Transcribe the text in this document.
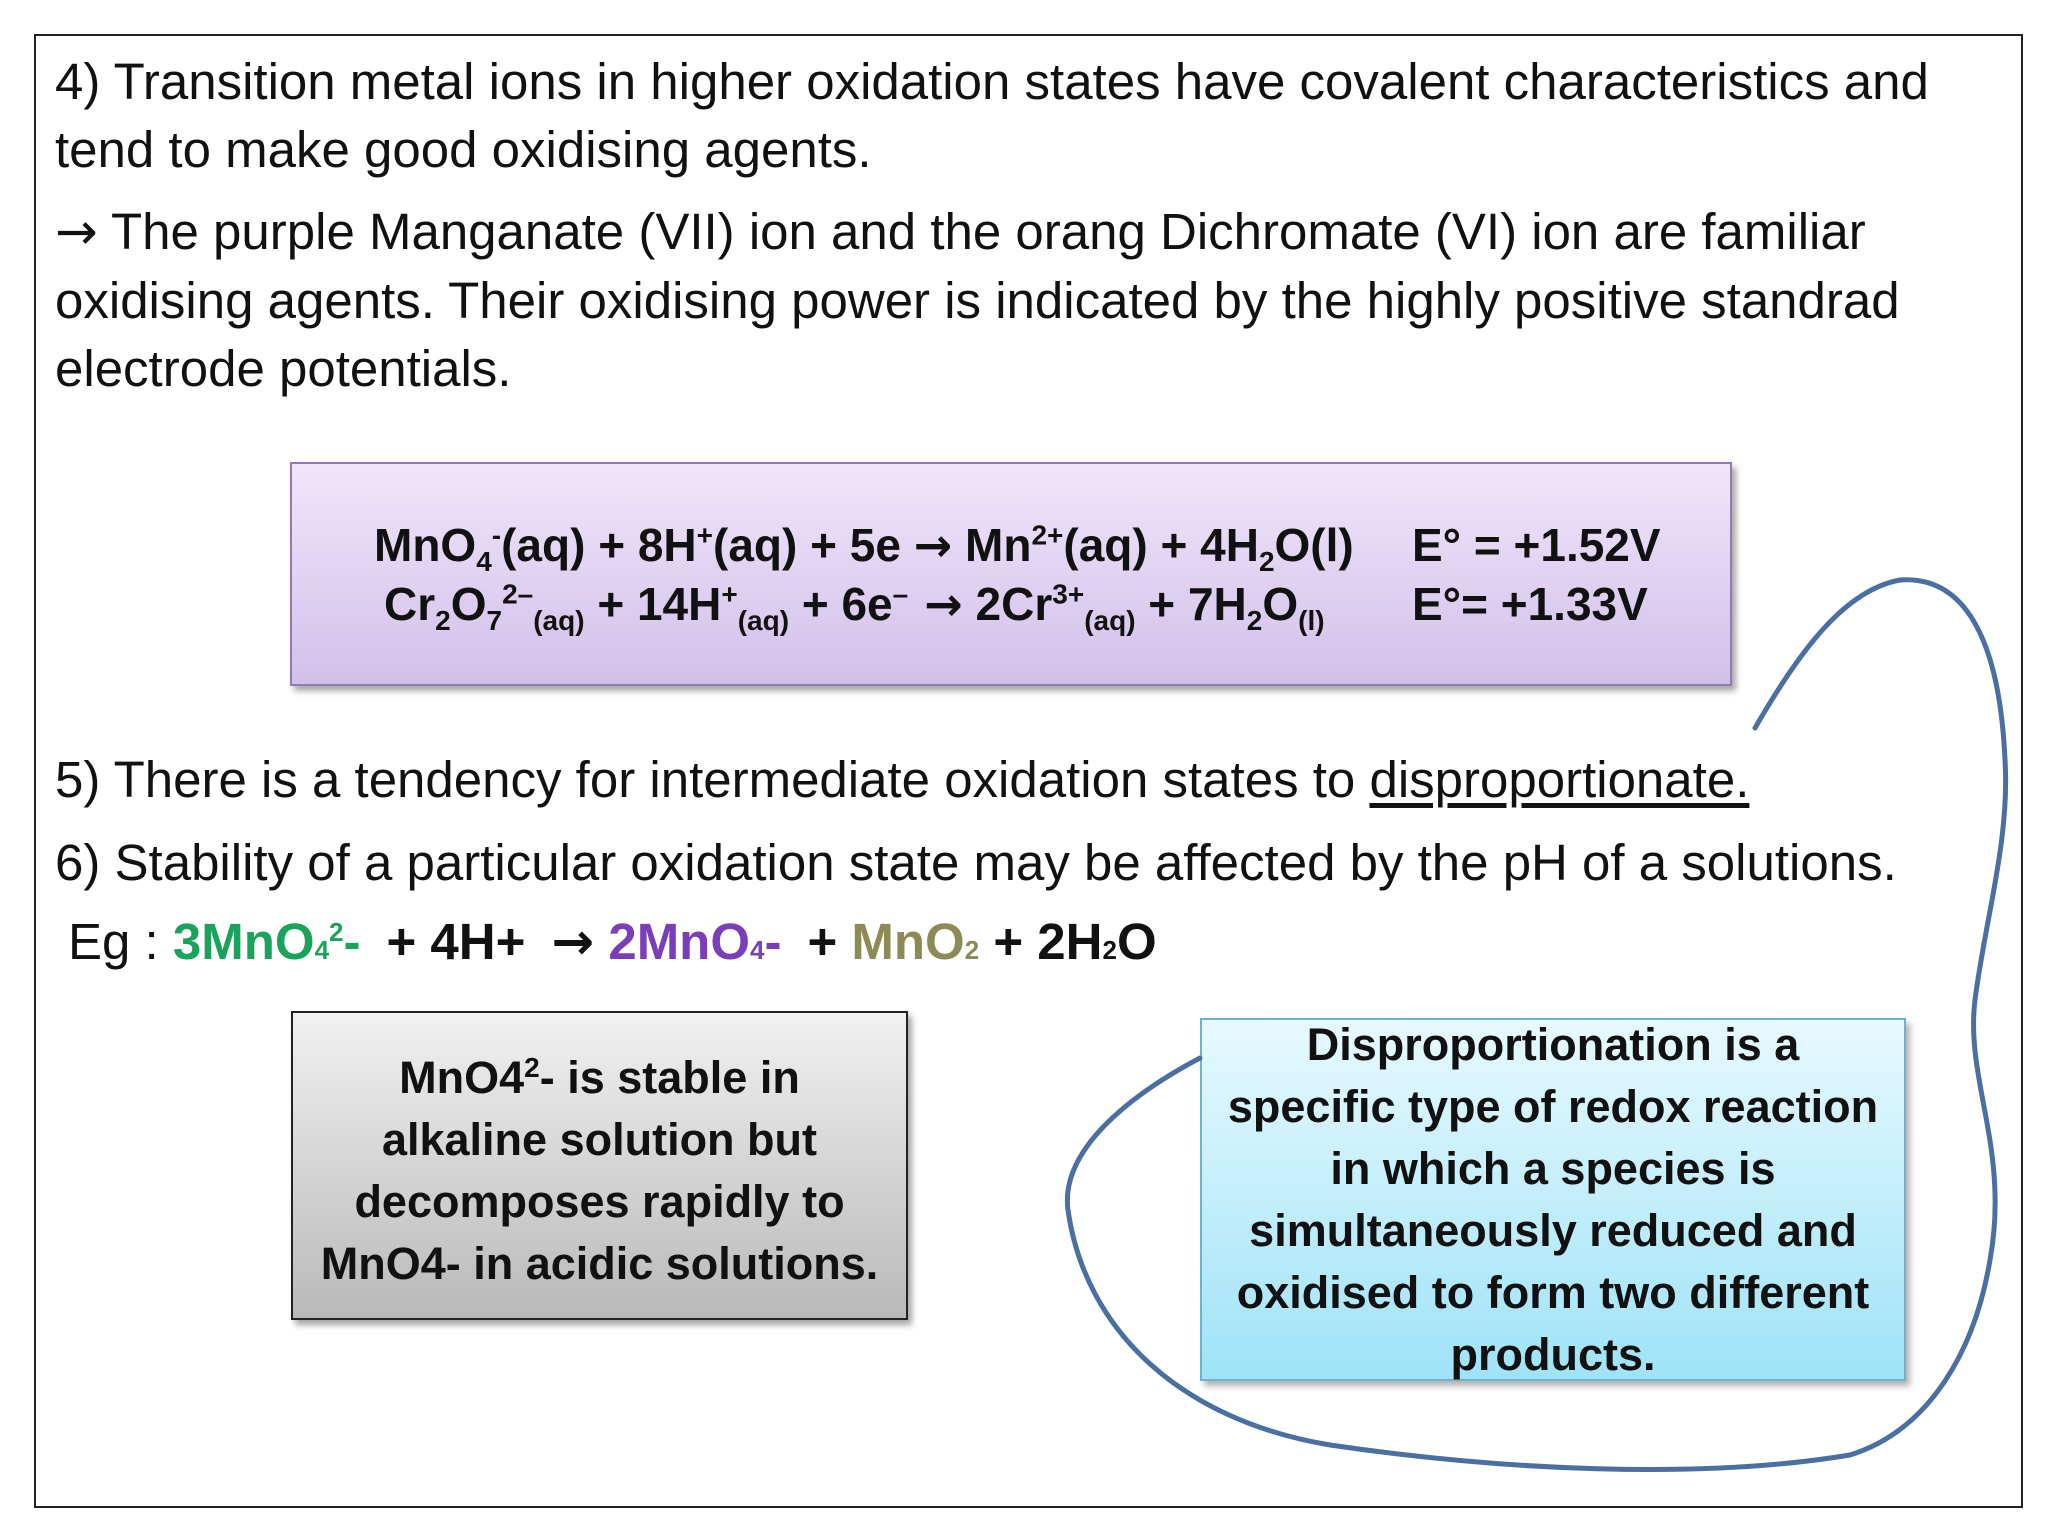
4) Transition metal ions in higher oxidation states have covalent characteristics and tend to make good oxidising agents.
→ The purple Manganate (VII) ion and the orang Dichromate (VI) ion are familiar oxidising agents. Their oxidising power is indicated by the highly positive standrad electrode potentials.
$MnO_4^-(aq) + 8H^+(aq) + 5e \to Mn^{2+}(aq) + 4H_2O(l) E^\circ = +1.52V$
$Cr_2O_7^{2-}_{(aq)} + 14H^+_{(aq)} + 6e^- \to 2Cr^{3+}_{(aq)} + 7H_2O_{(l)}$ E°= +1.33V
5) There is a tendency for intermediate oxidation states to disproportionate.
6) Stability of a particular oxidation state may be affected by the pH of a solutions.
Eg : $3MnO4^2- + 4H+ \to 2MnO4- + MnO2 + 2H2O$
$MnO4^2-$ is stable in alkaline solution but decomposes rapidly to MnO4- in acidic solutions.
Disproportionation is a specific type of redox reaction in which a species is simultaneously reduced and oxidised to form two different products.
